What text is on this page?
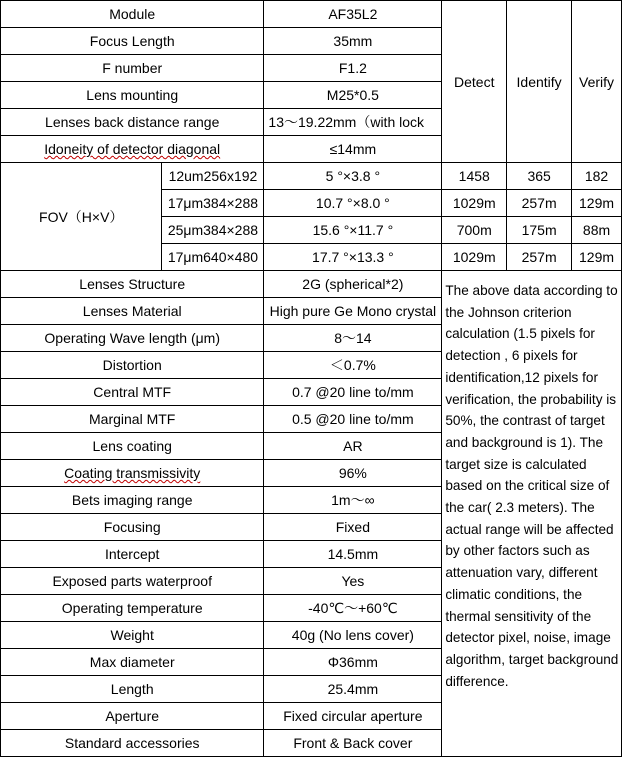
Module		AF35L2	Detect	Identify	Verify
Focus Length		35mm			
F number		F1.2			
Lens mounting		M25*0.5			
Lenses back distance range		13～19.22mm（with lock			
Idoneity of detector diagonal		≤14mm			
FOV（H×V）	12um256x192	5 °×3.8 °	1458	365	182
	17μm384×288	10.7 °×8.0 °	1029m	257m	129m
	25μm384×288	15.6 °×11.7 °	700m	175m	88m
	17μm640×480	17.7 °×13.3 °	1029m	257m	129m
Lenses Structure		2G (spherical*2)	The above data according to the Johnson criterion calculation (1.5 pixels for detection , 6 pixels for identification,12 pixels for verification, the probability is 50%, the contrast of target and background is 1). The target size is calculated based on the critical size of the car( 2.3 meters). The actual range will be affected by other factors such as attenuation vary, different climatic conditions, the thermal sensitivity of the detector pixel, noise, image algorithm, target background difference.		
Lenses Material		High pure Ge Mono crystal			
Operating Wave length (μm)		8～14			
Distortion		＜0.7%			
Central MTF		0.7 @20 line to/mm			
Marginal MTF		0.5 @20 line to/mm			
Lens coating		AR			
Coating transmissivity		96%			
Bets imaging range		1m～∞			
Focusing		Fixed			
Intercept		14.5mm			
Exposed parts waterproof		Yes			
Operating temperature		-40℃～+60℃			
Weight		40g (No lens cover)			
Max diameter		Φ36mm			
Length		25.4mm			
Aperture		Fixed circular aperture			
Standard accessories		Front & Back cover			
